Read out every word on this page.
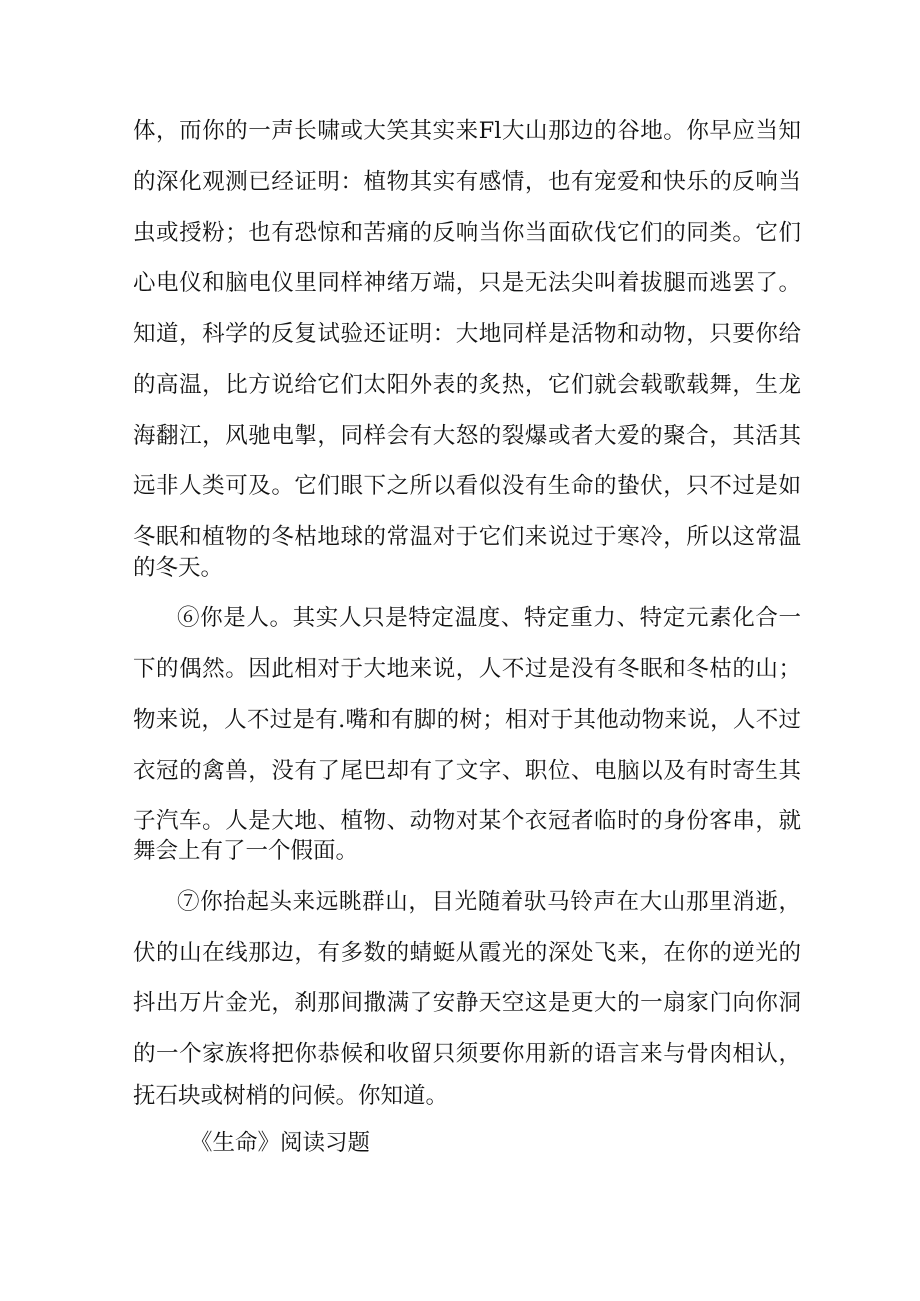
体，而你的一声长啸或大笑其实来Fl大山那边的谷地。你早应当知
的深化观测已经证明：植物其实有感情，也有宠爱和快乐的反响当
虫或授粉；也有恐惊和苦痛的反响当你当面砍伐它们的同类。它们
心电仪和脑电仪里同样神绪万端，只是无法尖叫着拔腿而逃罢了。
知道，科学的反复试验还证明：大地同样是活物和动物，只要你给
的高温，比方说给它们太阳外表的炙热，它们就会载歌载舞，生龙
海翻江，风驰电掣，同样会有大怒的裂爆或者大爱的聚合，其活其
远非人类可及。它们眼下之所以看似没有生命的蛰伏，只不过是如
冬眠和植物的冬枯地球的常温对于它们来说过于寒冷，所以这常温
的冬天。
⑥你是人。其实人只是特定温度、特定重力、特定元素化合一
下的偶然。因此相对于大地来说，人不过是没有冬眠和冬枯的山；
物来说，人不过是有.嘴和有脚的树；相对于其他动物来说，人不过
衣冠的禽兽，没有了尾巴却有了文字、职位、电脑以及有时寄生其
子汽车。人是大地、植物、动物对某个衣冠者临时的身份客串，就
舞会上有了一个假面。
⑦你抬起头来远眺群山，目光随着驮马铃声在大山那里消逝，
伏的山在线那边，有多数的蜻蜓从霞光的深处飞来，在你的逆光的
抖出万片金光，刹那间撒满了安静天空这是更大的一扇家门向你洞
的一个家族将把你恭候和收留只须要你用新的语言来与骨肉相认，
抚石块或树梢的问候。你知道。
《生命》阅读习题
